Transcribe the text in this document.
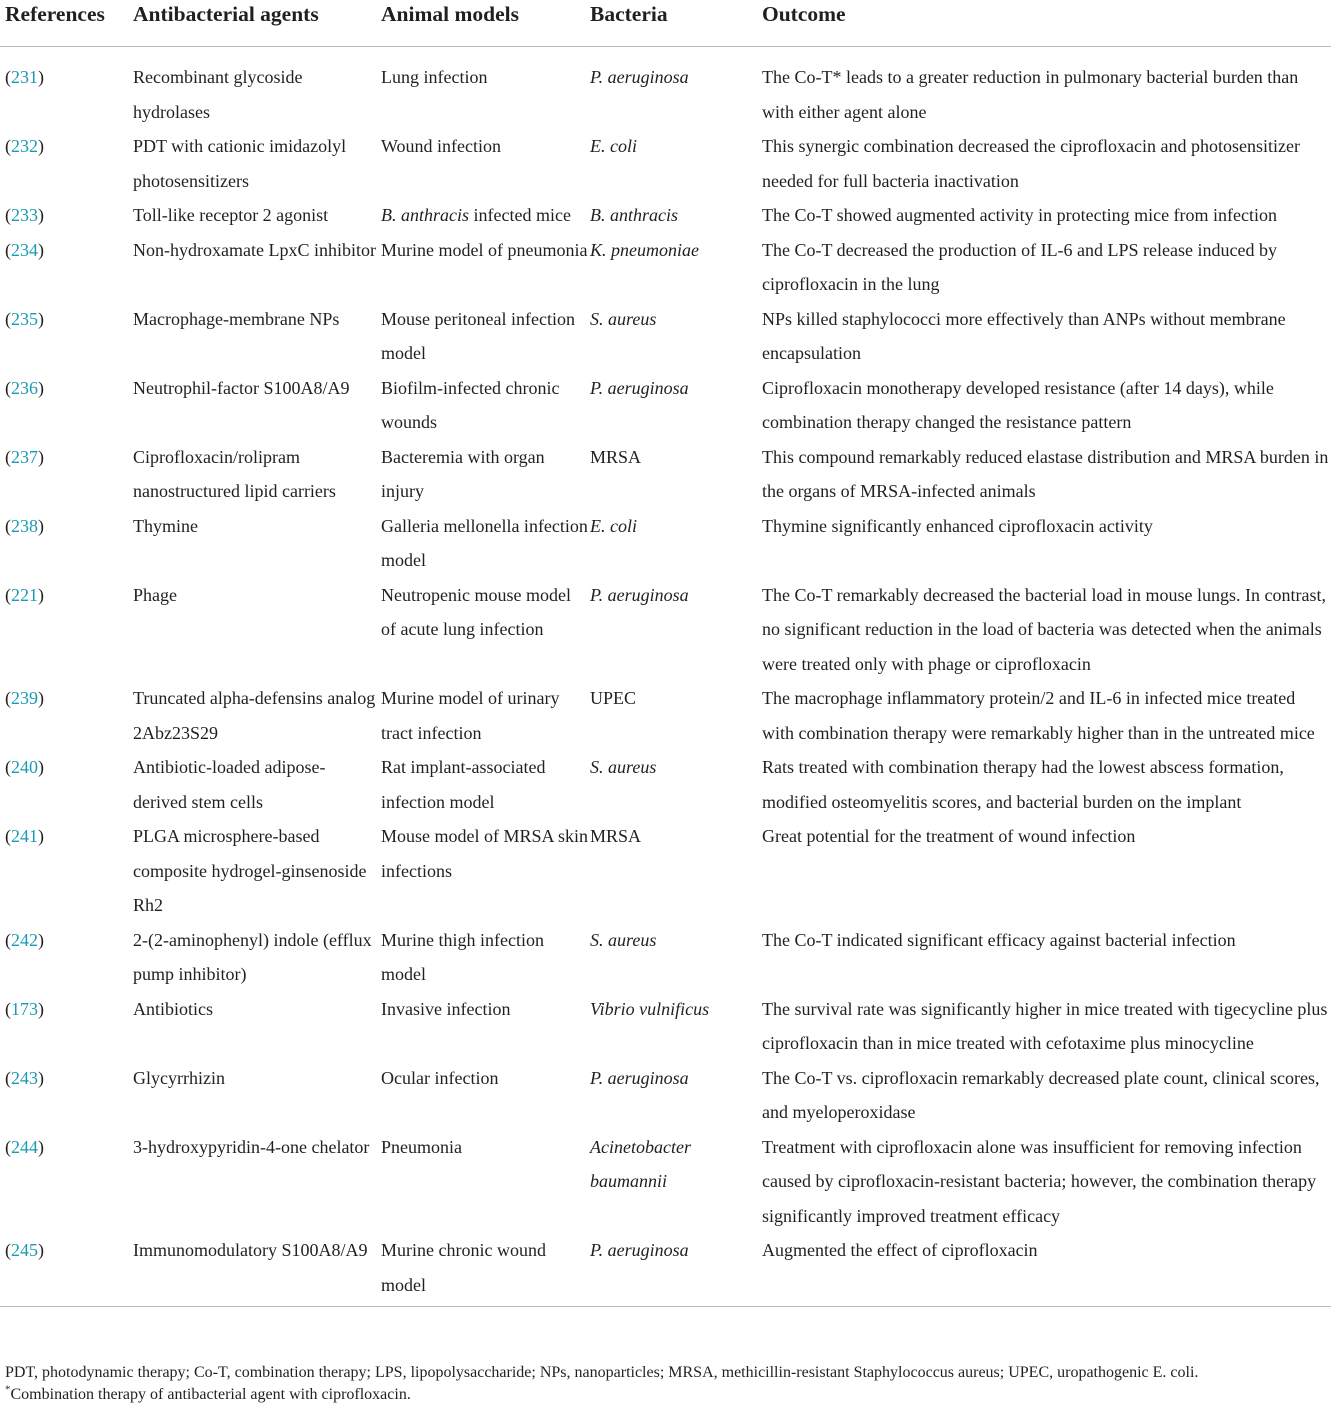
References	Antibacterial agents	Animal models	Bacteria	Outcome
(231)	Recombinant glycoside hydrolases	Lung infection	P. aeruginosa	The Co-T* leads to a greater reduction in pulmonary bacterial burden than with either agent alone
(232)	PDT with cationic imidazolyl photosensitizers	Wound infection	E. coli	This synergic combination decreased the ciprofloxacin and photosensitizer needed for full bacteria inactivation
(233)	Toll-like receptor 2 agonist	B. anthracis infected mice	B. anthracis	The Co-T showed augmented activity in protecting mice from infection
(234)	Non-hydroxamate LpxC inhibitor	Murine model of pneumonia	K. pneumoniae	The Co-T decreased the production of IL-6 and LPS release induced by ciprofloxacin in the lung
(235)	Macrophage-membrane NPs	Mouse peritoneal infection model	S. aureus	NPs killed staphylococci more effectively than ANPs without membrane encapsulation
(236)	Neutrophil-factor S100A8/A9	Biofilm-infected chronic wounds	P. aeruginosa	Ciprofloxacin monotherapy developed resistance (after 14 days), while combination therapy changed the resistance pattern
(237)	Ciprofloxacin/rolipram nanostructured lipid carriers	Bacteremia with organ injury	MRSA	This compound remarkably reduced elastase distribution and MRSA burden in the organs of MRSA-infected animals
(238)	Thymine	Galleria mellonella infection model	E. coli	Thymine significantly enhanced ciprofloxacin activity
(221)	Phage	Neutropenic mouse model of acute lung infection	P. aeruginosa	The Co-T remarkably decreased the bacterial load in mouse lungs. In contrast, no significant reduction in the load of bacteria was detected when the animals were treated only with phage or ciprofloxacin
(239)	Truncated alpha-defensins analog 2Abz23S29	Murine model of urinary tract infection	UPEC	The macrophage inflammatory protein/2 and IL-6 in infected mice treated with combination therapy were remarkably higher than in the untreated mice
(240)	Antibiotic-loaded adipose-derived stem cells	Rat implant-associated infection model	S. aureus	Rats treated with combination therapy had the lowest abscess formation, modified osteomyelitis scores, and bacterial burden on the implant
(241)	PLGA microsphere-based composite hydrogel-ginsenoside Rh2	Mouse model of MRSA skin infections	MRSA	Great potential for the treatment of wound infection
(242)	2-(2-aminophenyl) indole (efflux pump inhibitor)	Murine thigh infection model	S. aureus	The Co-T indicated significant efficacy against bacterial infection
(173)	Antibiotics	Invasive infection	Vibrio vulnificus	The survival rate was significantly higher in mice treated with tigecycline plus ciprofloxacin than in mice treated with cefotaxime plus minocycline
(243)	Glycyrrhizin	Ocular infection	P. aeruginosa	The Co-T vs. ciprofloxacin remarkably decreased plate count, clinical scores, and myeloperoxidase
(244)	3-hydroxypyridin-4-one chelator	Pneumonia	Acinetobacter baumannii	Treatment with ciprofloxacin alone was insufficient for removing infection caused by ciprofloxacin-resistant bacteria; however, the combination therapy significantly improved treatment efficacy
(245)	Immunomodulatory S100A8/A9	Murine chronic wound model	P. aeruginosa	Augmented the effect of ciprofloxacin
PDT, photodynamic therapy; Co-T, combination therapy; LPS, lipopolysaccharide; NPs, nanoparticles; MRSA, methicillin-resistant Staphylococcus aureus; UPEC, uropathogenic E. coli.
*Combination therapy of antibacterial agent with ciprofloxacin.
